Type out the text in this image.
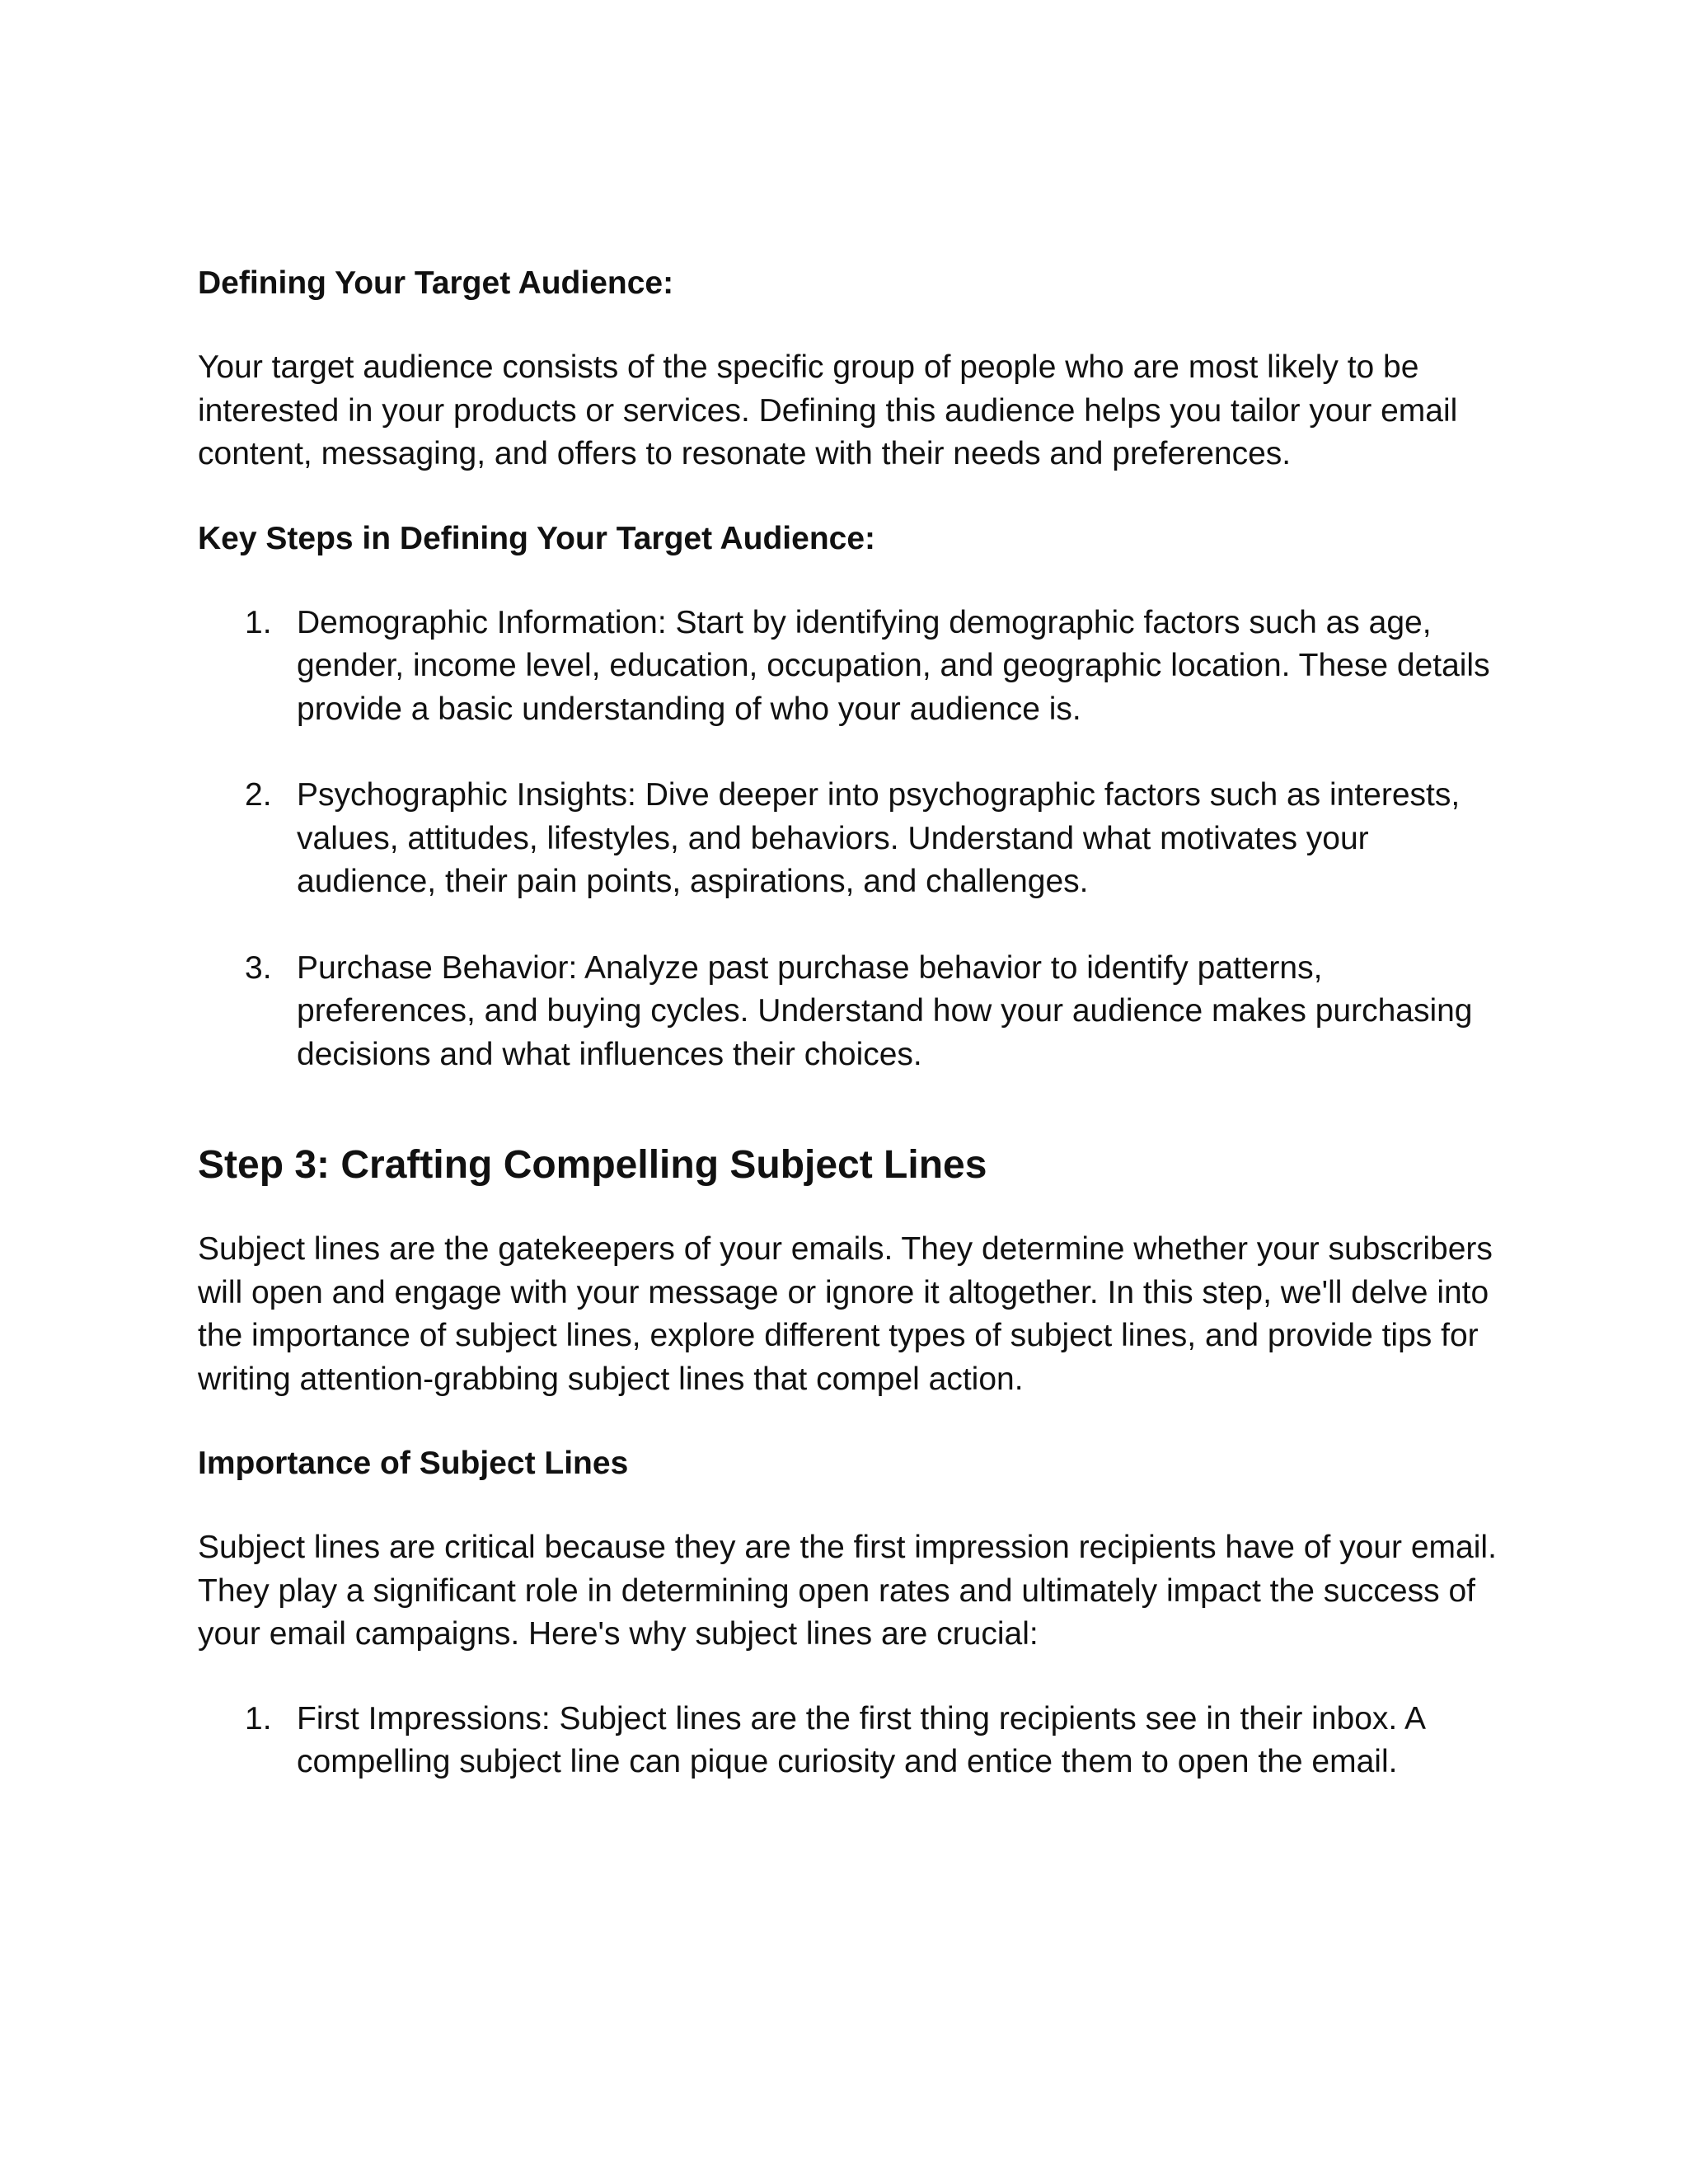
Defining Your Target Audience:

Your target audience consists of the specific group of people who are most likely to be interested in your products or services. Defining this audience helps you tailor your email content, messaging, and offers to resonate with their needs and preferences.

Key Steps in Defining Your Target Audience:
1. Demographic Information: Start by identifying demographic factors such as age, gender, income level, education, occupation, and geographic location. These details provide a basic understanding of who your audience is.
2. Psychographic Insights: Dive deeper into psychographic factors such as interests, values, attitudes, lifestyles, and behaviors. Understand what motivates your audience, their pain points, aspirations, and challenges.
3. Purchase Behavior: Analyze past purchase behavior to identify patterns, preferences, and buying cycles. Understand how your audience makes purchasing decisions and what influences their choices.
Step 3: Crafting Compelling Subject Lines

Subject lines are the gatekeepers of your emails. They determine whether your subscribers will open and engage with your message or ignore it altogether. In this step, we'll delve into the importance of subject lines, explore different types of subject lines, and provide tips for writing attention-grabbing subject lines that compel action.

Importance of Subject Lines

Subject lines are critical because they are the first impression recipients have of your email. They play a significant role in determining open rates and ultimately impact the success of your email campaigns. Here's why subject lines are crucial:

1. First Impressions: Subject lines are the first thing recipients see in their inbox. A compelling subject line can pique curiosity and entice them to open the email.
